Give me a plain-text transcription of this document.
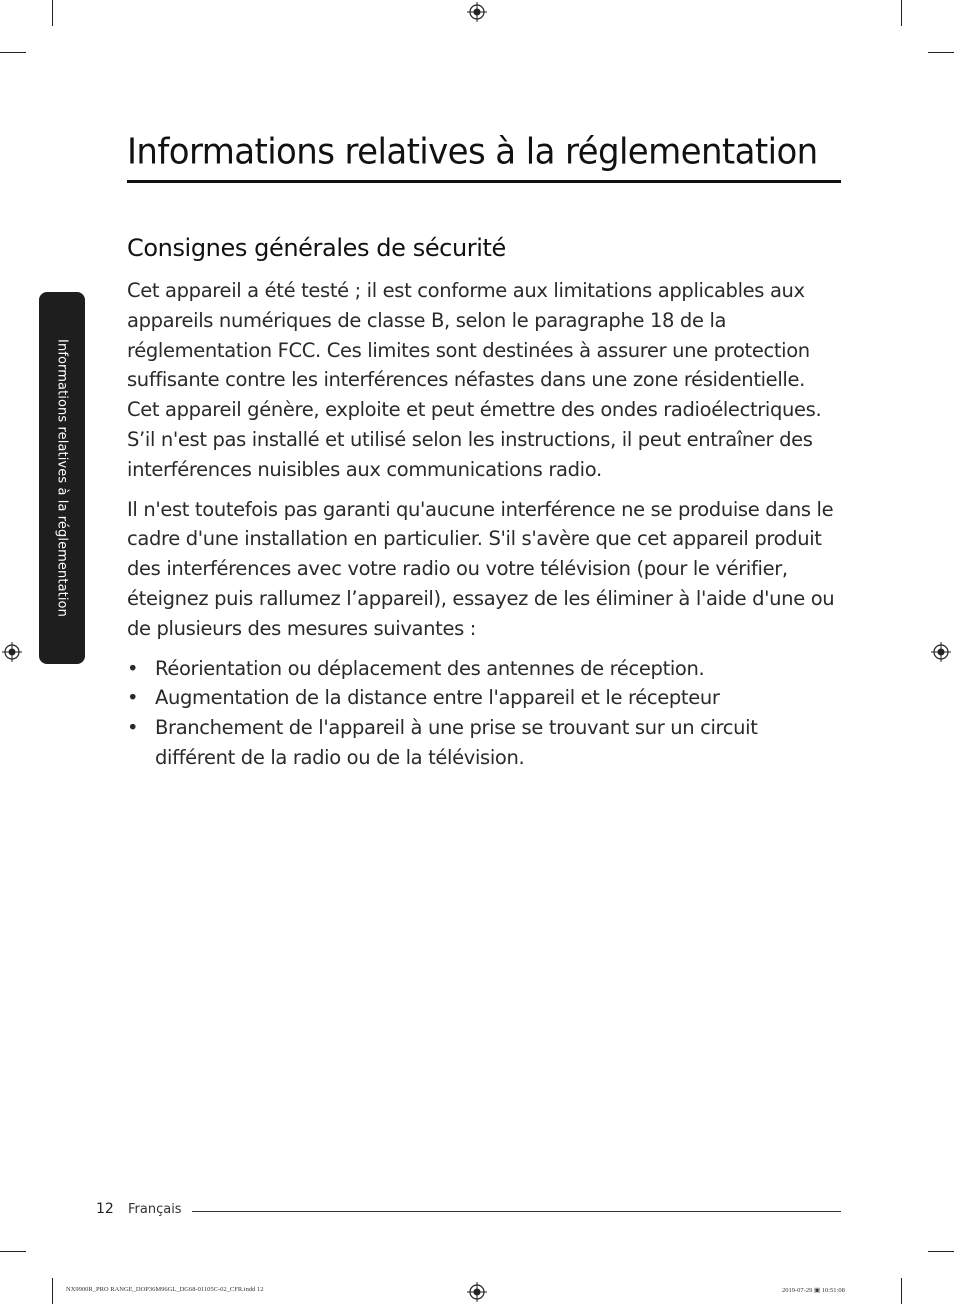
Informations relatives à la réglementation
Informations relatives à la réglementation
Consignes générales de sécurité

Cet appareil a été testé ; il est conforme aux limitations applicables aux appareils numériques de classe B, selon le paragraphe 18 de la réglementation FCC. Ces limites sont destinées à assurer une protection suffisante contre les interférences néfastes dans une zone résidentielle. Cet appareil génère, exploite et peut émettre des ondes radioélectriques. S’il n'est pas installé et utilisé selon les instructions, il peut entraîner des interférences nuisibles aux communications radio.

Il n'est toutefois pas garanti qu'aucune interférence ne se produise dans le cadre d'une installation en particulier. S'il s'avère que cet appareil produit des interférences avec votre radio ou votre télévision (pour le vérifier, éteignez puis rallumez l’appareil), essayez de les éliminer à l'aide d'une ou de plusieurs des mesures suivantes :

• Réorientation ou déplacement des antennes de réception.
• Augmentation de la distance entre l'appareil et le récepteur
• Branchement de l'appareil à une prise se trouvant sur un circuit différent de la radio ou de la télévision.
12 Français
NX9900R_PRO RANGE_DOP36M96GL_DG68-01105C-02_CFR.indd 12	2019-07-29 ▣ 10:51:08
